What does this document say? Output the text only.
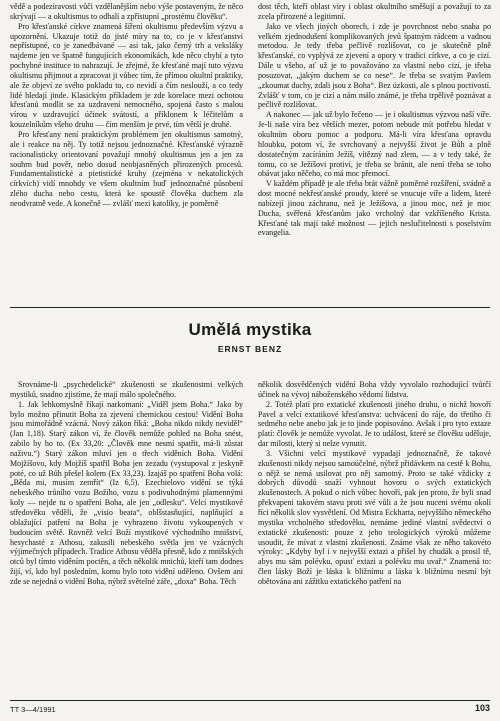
vědě a podezíravosti vůči vzdělanějším nebo výše postaveným, že něco skrývají — a okultismus to odhalí a zpřístupní „prostému člověku“.

Pro křesťanské církve znamená šíření okultismu především výzvu a upozornění. Ukazuje totiž do jisté míry na to, co je v křesťanství nepřístupné, co je zanedbávané — asi tak, jako černý trh a veksláky najdeme jen ve špatně fungujících ekonomikách, kde něco chybí a tyto pochybné instituce to nahrazují. Je zřejmé, že křesťané mají tuto výzvu okultismu přijmout a zpracovat ji vůbec tím, že přímou okultní praktiky, ale že objeví ze svého pokladu to, co nevidí a čím neslouží, a co tedy lidé hledají jinde. Klasickým příkladem je zde korelace mezi ochotou křesťanů modlit se za uzdravení nemocného, spojená často s malou vírou v uzdravující účinek svátostí, a příklonem k léčitelům a kouzelníkům všeho druhu — čím menším je prvé, tím větší je druhé.

Pro křesťany není praktickým problémem jen okultismus samotný, ale i reakce na něj. Ty totiž nejsou jednoznačné. Křesťanské výrazně racionalisticky orientovaní považují mnohý okultismus jen a jen za souhrn bud pověr, nebo dosud neobjasněných přirozených procesů. Fundamentalistické a pietistické kruhy (zejména v nekatolických církvích) vidí mnohdy ve všem okultním buď jednoznačné působení zlého ducha nebo cestu, která ke spoustě člověka duchem zla neodvratně vede. A konečně — zvlášť mezi katolíky, je poměrně

dost těch, kteří oblast víry i oblast okultního směšují a považují to za zcela přirozené a legitimní.

Jako ve všech jiných oborech, i zde je povrchnost nebo snaha po velkém zjednodušení komplikovaných jevů špatným rádcem a vadnou metodou. Je tedy třeba pečlivě rozlišovat, co je skutečně plně křesťanské, co vyplývá ze zjevení a opory v tradici církve, a co je cizí. Dále u všeho, ať už je to považováno za vlastní nebo cizí, je třeba posuzovat, „jakým duchem se co nese“. Je třeba se svatým Pavlem „zkoumat duchy, zdali jsou z Boha“. Bez úzkosti, ale s plnou poctivostí. Zvlášť v tom, co je cizí a nám málo známé, je třeba trpělivě poznávat a pečlivě rozlišovat.

A nakonec — jak už bylo řečeno — je i okultismus výzvou naší víře. Je-li naše víra bez větších mezer, potom nebude mít potřebu hledat v okultním oboru pomoc a podporu. Má-li víra křesťana opravdu hloubku, potom ví, že svrchovaný a nejvyšší život je Bůh a plně dostatečným zacíráním Ježíš, vítězný nad zlem, — a v tedy také, že tomu, co se Ježíšovi protiví, je třeba se bránit, ale není třeba se toho obávat jako něčeho, co má moc přemocí.

V každém případě je ale třeba brát vážně poměrné rozšíření, svádně a dost mocné nekřesťanské proudy, které se vnucuje víře a lidem, které nabízejí jinou záchranu, než je Ježíšova, a jinou moc, než je moc Ducha, svěřená křesťanům jako vrcholný dar vzkříšeného Krista. Křesťané tak mají také možnost — jejich neslučitelnosti s poselstvím evangelia.

Umělá mystika
ERNST BENZ

Srovnáme-li „psychedelické“ zkušenosti se zkušenostmi velkých mystiků, snadno zjistíme, že mají málo společného.

1. Jak lehkomyslně říkají narkomani: „Viděl jsem Boha.“ Jako by bylo možno přinutit Boha za zjevení chemickou cestou! Vidění Boha jsou mimořádně vzácná. Nový zákon říká: „Boha nikdo nikdy neviděl“ (Jan 1,18). Starý zákon ví, že člověk nemůže pohled na Boha snést, zabilo by ho to. (Ex 33,20: „Člověk mne nesmí spatřit, má-li zůstat naživu.“) Starý zákon mluví jen o třech viděních Boha. Vidění Mojžíšovo, kdy Mojžíš spatřil Boha jen zezadu (vystupoval z jeskyně poté, co už Bůh přešel kolem (Ex 33,23). Izajáš po spatření Boha volá: „Běda mi, musím zemřít“ (Iz 6,5). Ezechielovo vidění se týká nebeského trůního vozu Božího, vozu s podivuhodnými plamennými koly — nejde tu o spatření Boha, ale jen „odlesku“. Velcí mystikové středověku věděli, že „visio beata“, oblšstasňující, naplňující a oblažující patření na Boha je vyhrazeno životu vykoupených v budoucím světě. Rovněž velcí Boží mystikové východního mnišství, hesychasté z Athosu, zakusili nebeského světla jen ve vzácných výjimečných případech. Tradice Athosu věděla přesně, kdo z mnišských otců byl tímto viděním poctěn, a těch několik mnichů, kteří tam dodnes žijí, ví, kdo byl posledním, komu bylo toto vidění uděleno. Ovšem ani zde se nejedná o vidění Boha, nýbrž světelné záře, „doxa“ Boha. Těch

několik dosvědčených vidění Boha vždy vyvolalo rozhodující tvůrčí účinek na vývoj náboženského vědomí lidstva.

2. Totéž platí pro extatické zkušenosti jiného druhu, o nichž hovoří Pavel a velcí extatikové křesťanstva: uchvácení do ráje, do třetího či sedmého nebe anebo jak je to jinde popisováno. Avšak i pro tyto extaze platí: člověk je nemůže vyvolat. Je to událost, které se člověku uděluje, dar milosti, který si nelze vynutit.

3. Všichni velcí mystikové vypadají jednoznačně, že takové zkušenosti nikdy nejsou samoúčelné, nýbrž přidávkem na cestě k Bohu, o nějž se nemá usilovat pro něj samotný. Proto se také vždicky z dobrých důvodů snaží vyhnout hovoru o svých extatických zkušenostech. A pokud o nich vůbec hovoří, pak jen proto, že byli snad překvapeni takovém stavu proti své vůli a že jsou nuceni svému okolí říci několik slov vysvětlení. Od Mistra Eckharta, nejvyššího německého mystika vrcholného středověku, nemáme jediné vlastní svědectví o extatické zkušenosti: pouze z jeho teologických výroků můžeme usoudit, že mívat z vlastní zkušenosti. Známe však ze něho takovéto výroky: „Kdyby byl i v nejvyšší extazi a přišel by chudák a prosil tě, abys mu sám polévku, opusť extazi a polévku mu uvař.“ Znamená to: člen lásky Boží je láska k bližnímu a láska k bližnímu nesmí být obětována ani zážitku extatického patření na

TT 3—4/1991	103
